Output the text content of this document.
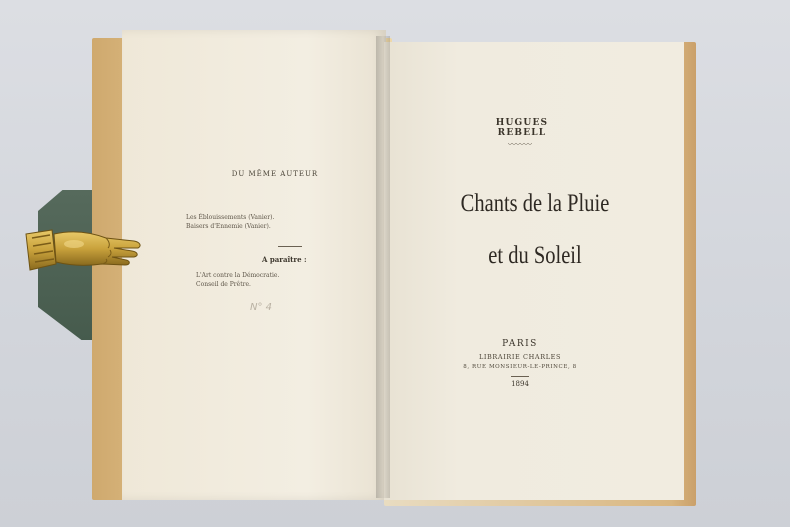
DU MÊME AUTEUR
Les Éblouissements (Vanier).
Baisers d'Ennemie (Vanier).
A paraître :
L'Art contre la Démocratie.
Conseil de Prêtre.
N° 4
HUGUES REBELL
〰〰〰
Chants de la Pluie
et du Soleil
PARIS
LIBRAIRIE CHARLES
8, RUE MONSIEUR-LE-PRINCE, 8
1894
